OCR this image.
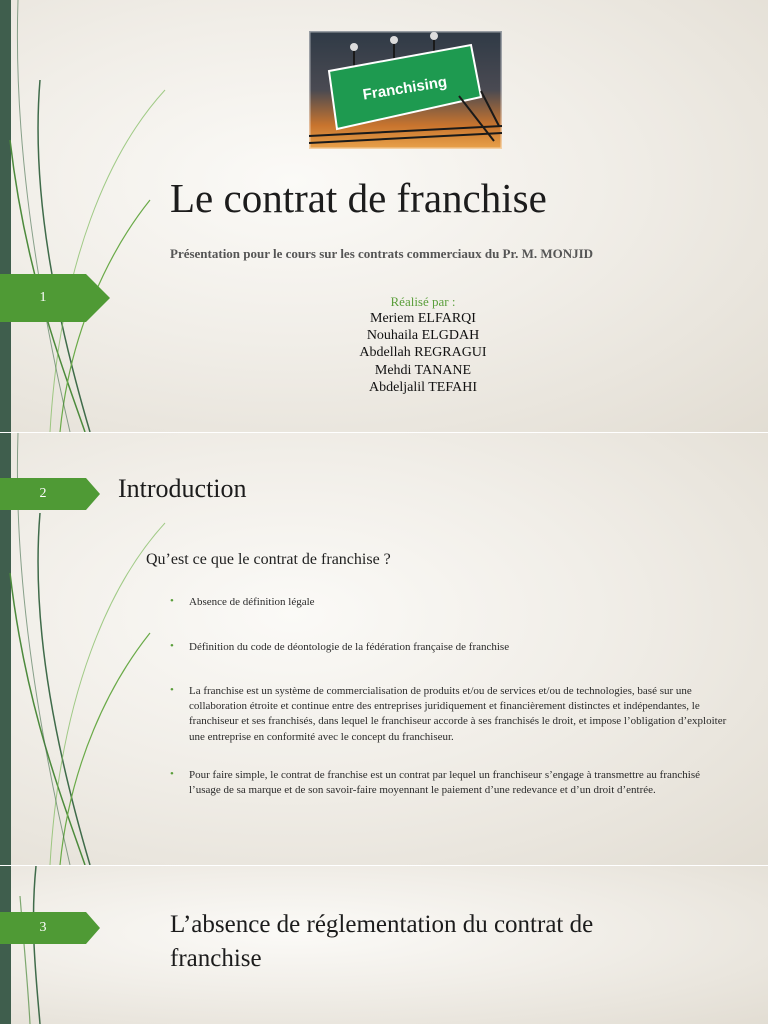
1
Franchising
Le contrat de franchise
Présentation pour le cours sur les contrats commerciaux du Pr. M. MONJID
Réalisé par :
Meriem ELFARQI
Nouhaila ELGDAH
Abdellah REGRAGUI
Mehdi TANANE
Abdeljalil TEFAHI
2	Introduction
Qu’est ce que le contrat de franchise ?
• Absence de définition légale
• Définition du code de déontologie de la fédération française de franchise
• La franchise est un système de commercialisation de produits et/ou de services et/ou de technologies, basé sur une collaboration étroite et continue entre des entreprises juridiquement et financièrement distinctes et indépendantes, le franchiseur et ses franchisés, dans lequel le franchiseur accorde à ses franchisés le droit, et impose l’obligation d’exploiter une entreprise en conformité avec le concept du franchiseur.
• Pour faire simple, le contrat de franchise est un contrat par lequel un franchiseur s’engage à transmettre au franchisé l’usage de sa marque et de son savoir-faire moyennant le paiement d’une redevance et d’un droit d’entrée.
3	L’absence de réglementation du contrat de franchise
